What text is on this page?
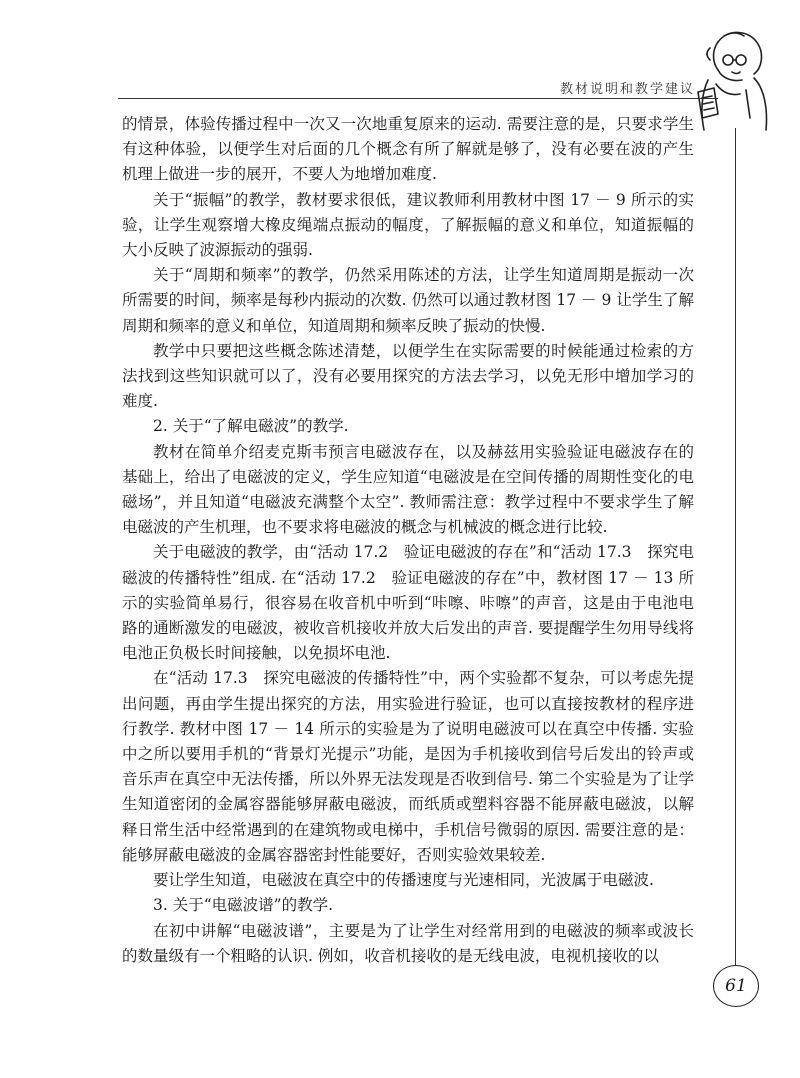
教材说明和教学建议

的情景，体验传播过程中一次又一次地重复原来的运动. 需要注意的是，只要求学生有这种体验，以便学生对后面的几个概念有所了解就是够了，没有必要在波的产生机理上做进一步的展开，不要人为地增加难度.

关于“振幅”的教学，教材要求很低，建议教师利用教材中图 17 － 9 所示的实验，让学生观察增大橡皮绳端点振动的幅度，了解振幅的意义和单位，知道振幅的大小反映了波源振动的强弱.

关于“周期和频率”的教学，仍然采用陈述的方法，让学生知道周期是振动一次所需要的时间，频率是每秒内振动的次数. 仍然可以通过教材图 17 － 9 让学生了解周期和频率的意义和单位，知道周期和频率反映了振动的快慢.

教学中只要把这些概念陈述清楚，以便学生在实际需要的时候能通过检索的方法找到这些知识就可以了，没有必要用探究的方法去学习，以免无形中增加学习的难度.

2. 关于“了解电磁波”的教学.

教材在简单介绍麦克斯韦预言电磁波存在，以及赫兹用实验验证电磁波存在的基础上，给出了电磁波的定义，学生应知道“电磁波是在空间传播的周期性变化的电磁场”，并且知道“电磁波充满整个太空”. 教师需注意：教学过程中不要求学生了解电磁波的产生机理，也不要求将电磁波的概念与机械波的概念进行比较.

关于电磁波的教学，由“活动 17.2　验证电磁波的存在”和“活动 17.3　探究电磁波的传播特性”组成. 在“活动 17.2　验证电磁波的存在”中，教材图 17 － 13 所示的实验简单易行，很容易在收音机中听到“咔嚓、咔嚓”的声音，这是由于电池电路的通断激发的电磁波，被收音机接收并放大后发出的声音. 要提醒学生勿用导线将电池正负极长时间接触，以免损坏电池.

在“活动 17.3　探究电磁波的传播特性”中，两个实验都不复杂，可以考虑先提出问题，再由学生提出探究的方法，用实验进行验证，也可以直接按教材的程序进行教学. 教材中图 17 － 14 所示的实验是为了说明电磁波可以在真空中传播. 实验中之所以要用手机的“背景灯光提示”功能，是因为手机接收到信号后发出的铃声或音乐声在真空中无法传播，所以外界无法发现是否收到信号. 第二个实验是为了让学生知道密闭的金属容器能够屏蔽电磁波，而纸质或塑料容器不能屏蔽电磁波，以解释日常生活中经常遇到的在建筑物或电梯中，手机信号微弱的原因. 需要注意的是：能够屏蔽电磁波的金属容器密封性能要好，否则实验效果较差.

要让学生知道，电磁波在真空中的传播速度与光速相同，光波属于电磁波.

3. 关于“电磁波谱”的教学.

在初中讲解“电磁波谱”，主要是为了让学生对经常用到的电磁波的频率或波长的数量级有一个粗略的认识. 例如，收音机接收的是无线电波，电视机接收的以

61
